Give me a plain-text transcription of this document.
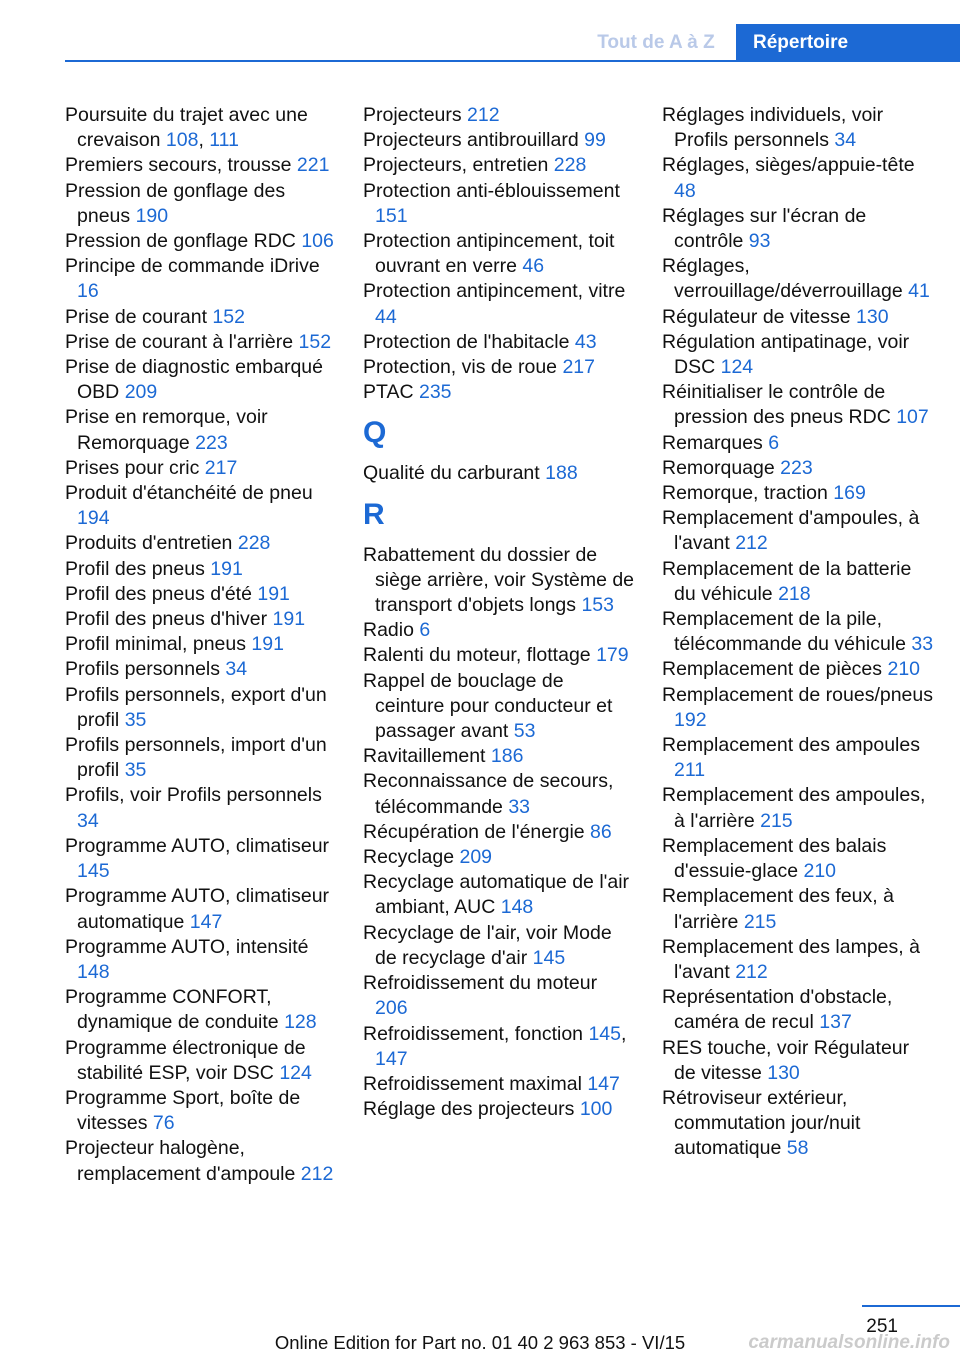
Tout de A à Z	Répertoire
Poursuite du trajet avec une crevaison 108, 111
Premiers secours, trousse 221
Pression de gonflage des pneus 190
Pression de gonflage RDC 106
Principe de commande iDrive 16
Prise de courant 152
Prise de courant à l'arrière 152
Prise de diagnostic embarqué OBD 209
Prise en remorque, voir Remorquage 223
Prises pour cric 217
Produit d'étanchéité de pneu 194
Produits d'entretien 228
Profil des pneus 191
Profil des pneus d'été 191
Profil des pneus d'hiver 191
Profil minimal, pneus 191
Profils personnels 34
Profils personnels, export d'un profil 35
Profils personnels, import d'un profil 35
Profils, voir Profils personnels 34
Programme AUTO, climatiseur 145
Programme AUTO, climatiseur automatique 147
Programme AUTO, intensité 148
Programme CONFORT, dynamique de conduite 128
Programme électronique de stabilité ESP, voir DSC 124
Programme Sport, boîte de vitesses 76
Projecteur halogène, remplacement d'ampoule 212
Projecteurs 212
Projecteurs antibrouillard 99
Projecteurs, entretien 228
Protection anti-éblouissement 151
Protection antipincement, toit ouvrant en verre 46
Protection antipincement, vitre 44
Protection de l'habitacle 43
Protection, vis de roue 217
PTAC 235
Q
Qualité du carburant 188
R
Rabattement du dossier de siège arrière, voir Système de transport d'objets longs 153
Radio 6
Ralenti du moteur, flottage 179
Rappel de bouclage de ceinture pour conducteur et passager avant 53
Ravitaillement 186
Reconnaissance de secours, télécommande 33
Récupération de l'énergie 86
Recyclage 209
Recyclage automatique de l'air ambiant, AUC 148
Recyclage de l'air, voir Mode de recyclage d'air 145
Refroidissement du moteur 206
Refroidissement, fonction 145, 147
Refroidissement maximal 147
Réglage des projecteurs 100
Réglages individuels, voir Profils personnels 34
Réglages, sièges/appuie-tête 48
Réglages sur l'écran de contrôle 93
Réglages, verrouillage/déverrouillage 41
Régulateur de vitesse 130
Régulation antipatinage, voir DSC 124
Réinitialiser le contrôle de pression des pneus RDC 107
Remarques 6
Remorquage 223
Remorque, traction 169
Remplacement d'ampoules, à l'avant 212
Remplacement de la batterie du véhicule 218
Remplacement de la pile, télécommande du véhicule 33
Remplacement de pièces 210
Remplacement de roues/pneus 192
Remplacement des ampoules 211
Remplacement des ampoules, à l'arrière 215
Remplacement des balais d'essuie-glace 210
Remplacement des feux, à l'arrière 215
Remplacement des lampes, à l'avant 212
Représentation d'obstacle, caméra de recul 137
RES touche, voir Régulateur de vitesse 130
Rétroviseur extérieur, commutation jour/nuit automatique 58
251
Online Edition for Part no. 01 40 2 963 853 - VI/15	carmanualsonline.info
